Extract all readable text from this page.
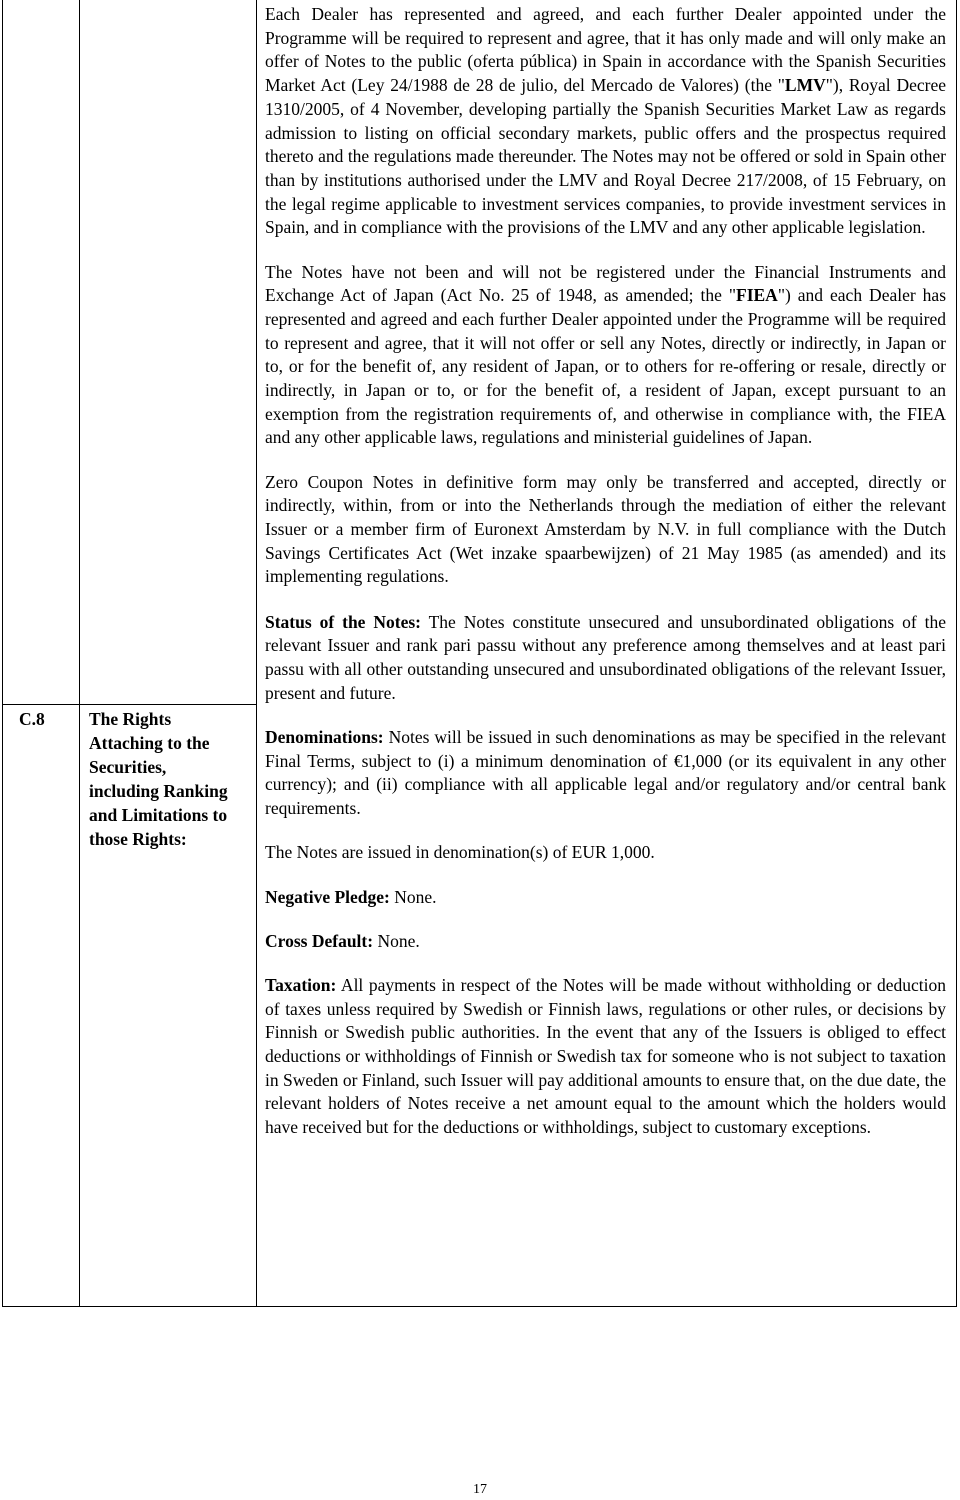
C.8	The Rights Attaching to the Securities, including Ranking and Limitations to those Rights:

Each Dealer has represented and agreed, and each further Dealer appointed under the Programme will be required to represent and agree, that it has only made and will only make an offer of Notes to the public (oferta pública) in Spain in accordance with the Spanish Securities Market Act (Ley 24/1988 de 28 de julio, del Mercado de Valores) (the "LMV"), Royal Decree 1310/2005, of 4 November, developing partially the Spanish Securities Market Law as regards admission to listing on official secondary markets, public offers and the prospectus required thereto and the regulations made thereunder. The Notes may not be offered or sold in Spain other than by institutions authorised under the LMV and Royal Decree 217/2008, of 15 February, on the legal regime applicable to investment services companies, to provide investment services in Spain, and in compliance with the provisions of the LMV and any other applicable legislation.

The Notes have not been and will not be registered under the Financial Instruments and Exchange Act of Japan (Act No. 25 of 1948, as amended; the "FIEA") and each Dealer has represented and agreed and each further Dealer appointed under the Programme will be required to represent and agree, that it will not offer or sell any Notes, directly or indirectly, in Japan or to, or for the benefit of, any resident of Japan, or to others for re-offering or resale, directly or indirectly, in Japan or to, or for the benefit of, a resident of Japan, except pursuant to an exemption from the registration requirements of, and otherwise in compliance with, the FIEA and any other applicable laws, regulations and ministerial guidelines of Japan.

Zero Coupon Notes in definitive form may only be transferred and accepted, directly or indirectly, within, from or into the Netherlands through the mediation of either the relevant Issuer or a member firm of Euronext Amsterdam by N.V. in full compliance with the Dutch Savings Certificates Act (Wet inzake spaarbewijzen) of 21 May 1985 (as amended) and its implementing regulations.

Status of the Notes: The Notes constitute unsecured and unsubordinated obligations of the relevant Issuer and rank pari passu without any preference among themselves and at least pari passu with all other outstanding unsecured and unsubordinated obligations of the relevant Issuer, present and future.

Denominations: Notes will be issued in such denominations as may be specified in the relevant Final Terms, subject to (i) a minimum denomination of €1,000 (or its equivalent in any other currency); and (ii) compliance with all applicable legal and/or regulatory and/or central bank requirements.

The Notes are issued in denomination(s) of EUR 1,000.

Negative Pledge: None.

Cross Default: None.

Taxation: All payments in respect of the Notes will be made without withholding or deduction of taxes unless required by Swedish or Finnish laws, regulations or other rules, or decisions by Finnish or Swedish public authorities. In the event that any of the Issuers is obliged to effect deductions or withholdings of Finnish or Swedish tax for someone who is not subject to taxation in Sweden or Finland, such Issuer will pay additional amounts to ensure that, on the due date, the relevant holders of Notes receive a net amount equal to the amount which the holders would have received but for the deductions or withholdings, subject to customary exceptions.

17
